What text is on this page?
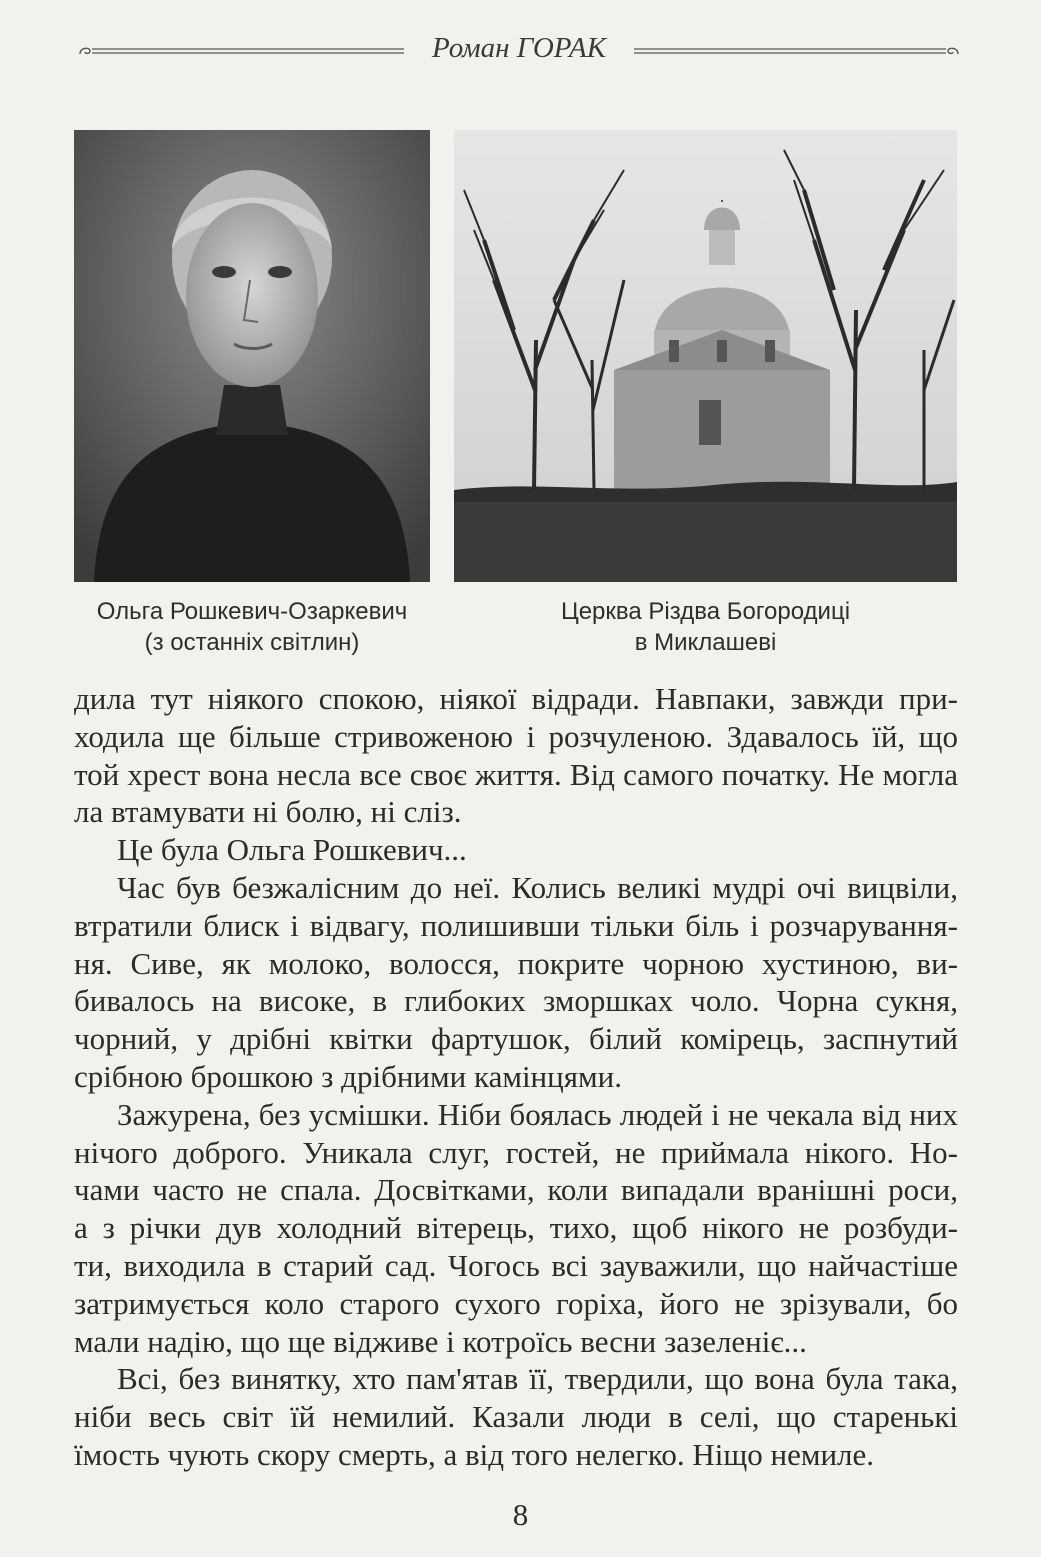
Роман ГОРАК
Ольга Рошкевич-Озаркевич
(з останніх світлин)
Церква Різдва Богородиці
в Миклашеві
дила тут ніякого спокою, ніякої відради. Навпаки, завжди при-
ходила ще більше стривоженою і розчуленою. Здавалось їй, що
той хрест вона несла все своє життя. Від самого початку. Не могла
ла втамувати ні болю, ні сліз.
Це була Ольга Рошкевич...
Час був безжалісним до неї. Колись великі мудрі очі вицвіли,
втратили блиск і відвагу, полишивши тільки біль і розчарування-
ня. Сиве, як молоко, волосся, покрите чорною хустиною, ви-
бивалось на високе, в глибоких зморшках чоло. Чорна сукня,
чорний, у дрібні квітки фартушок, білий комірець, заспнутий
срібною брошкою з дрібними камінцями.
Зажурена, без усмішки. Ніби боялась людей і не чекала від них
нічого доброго. Уникала слуг, гостей, не приймала нікого. Но-
чами часто не спала. Досвітками, коли випадали вранішні роси,
а з річки дув холодний вітерець, тихо, щоб нікого не розбуди-
ти, виходила в старий сад. Чогось всі зауважили, що найчастіше
затримується коло старого сухого горіха, його не зрізували, бо
мали надію, що ще відживе і котроїсь весни зазеленіє...
Всі, без винятку, хто пам'ятав її, твердили, що вона була така,
ніби весь світ їй немилий. Казали люди в селі, що старенькі
їмость чують скору смерть, а від того нелегко. Ніщо немиле.
8
